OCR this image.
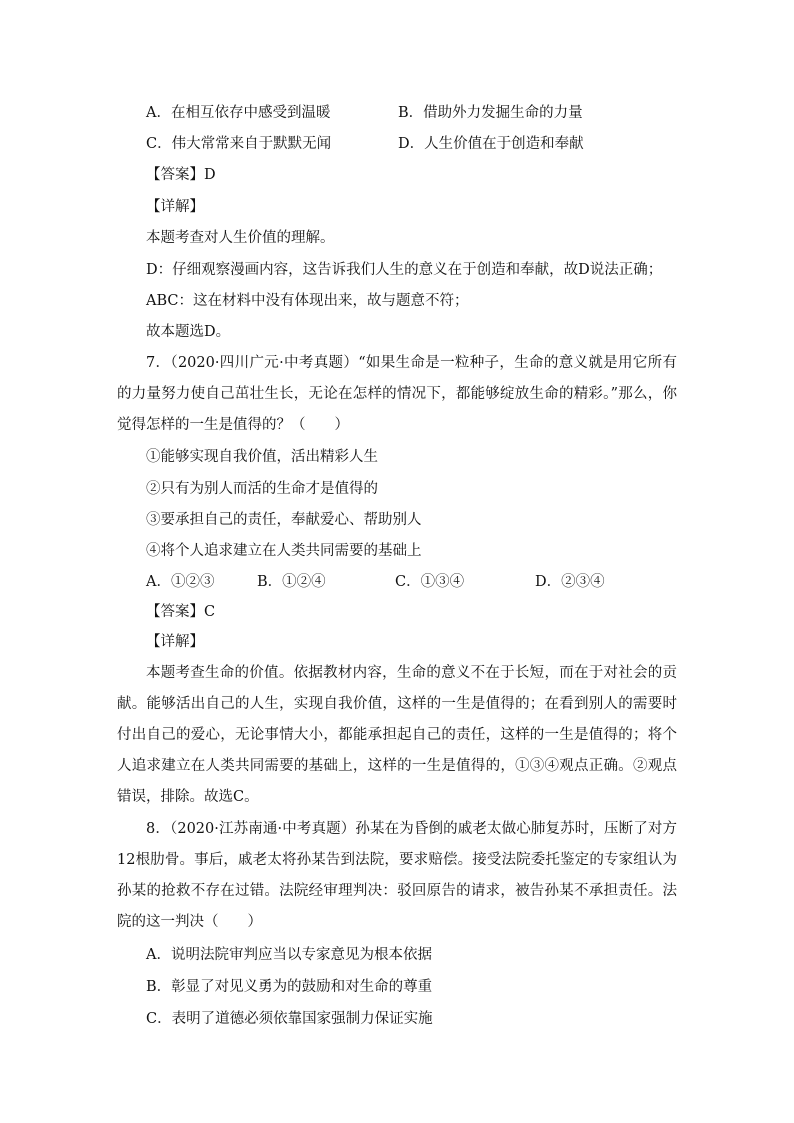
A．在相互依存中感受到温暖	B．借助外力发掘生命的力量
C．伟大常常来自于默默无闻	D．人生价值在于创造和奉献
【答案】D
【详解】
本题考查对人生价值的理解。
D：仔细观察漫画内容，这告诉我们人生的意义在于创造和奉献，故D说法正确；
ABC：这在材料中没有体现出来，故与题意不符；
故本题选D。
7．（2020·四川广元·中考真题）“如果生命是一粒种子，生命的意义就是用它所有的力量努力使自己茁壮生长，无论在怎样的情况下，都能够绽放生命的精彩。”那么，你觉得怎样的一生是值得的？（　　）
①能够实现自我价值，活出精彩人生
②只有为别人而活的生命才是值得的
③要承担自己的责任，奉献爱心、帮助别人
④将个人追求建立在人类共同需要的基础上
A．①②③	B．①②④	C．①③④	D．②③④
【答案】C
【详解】
本题考查生命的价值。依据教材内容，生命的意义不在于长短，而在于对社会的贡献。能够活出自己的人生，实现自我价值，这样的一生是值得的；在看到别人的需要时付出自己的爱心，无论事情大小，都能承担起自己的责任，这样的一生是值得的；将个人追求建立在人类共同需要的基础上，这样的一生是值得的，①③④观点正确。②观点错误，排除。故选C。
8．（2020·江苏南通·中考真题）孙某在为昏倒的戚老太做心肺复苏时，压断了对方12根肋骨。事后，戚老太将孙某告到法院，要求赔偿。接受法院委托鉴定的专家组认为孙某的抢救不存在过错。法院经审理判决：驳回原告的请求，被告孙某不承担责任。法院的这一判决（　　）
A．说明法院审判应当以专家意见为根本依据
B．彰显了对见义勇为的鼓励和对生命的尊重
C．表明了道德必须依靠国家强制力保证实施
